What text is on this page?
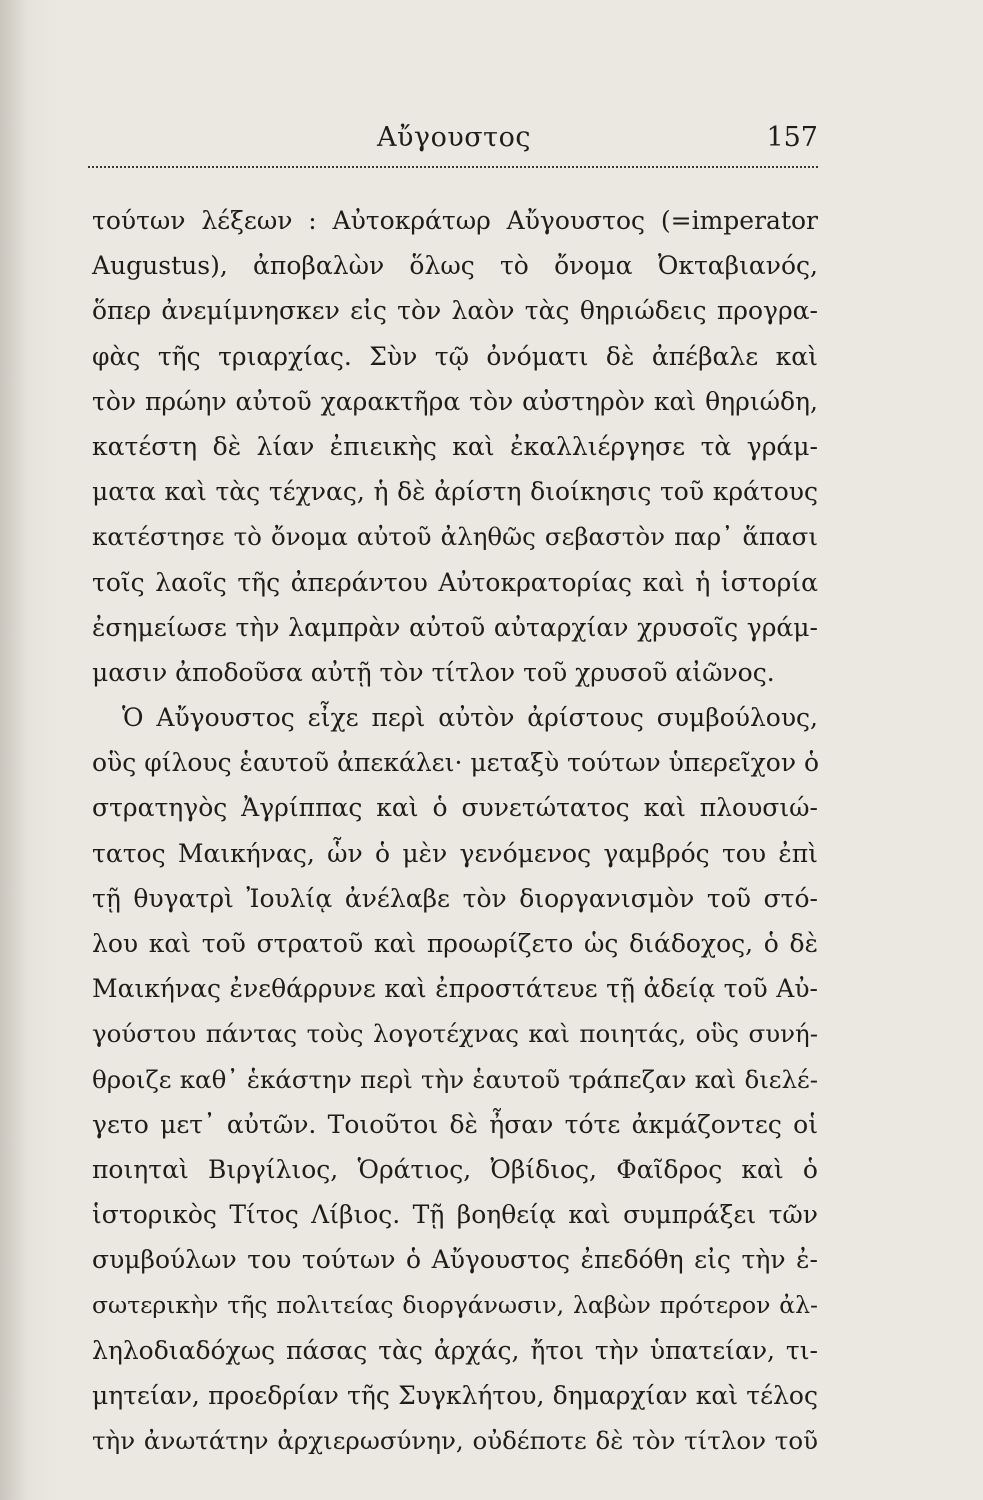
Αὔγουστος	157
τούτων λέξεων : Αὐτοκράτωρ Αὔγουστος (=imperator
Augustus), ἀποβαλὼν ὅλως τὸ ὄνομα Ὀκταβιανός,
ὅπερ ἀνεμίμνησκεν εἰς τὸν λαὸν τὰς θηριώδεις προγρα-
φὰς τῆς τριαρχίας. Σὺν τῷ ὀνόματι δὲ ἀπέβαλε καὶ
τὸν πρώην αὐτοῦ χαρακτῆρα τὸν αὐστηρὸν καὶ θηριώδη,
κατέστη δὲ λίαν ἐπιεικὴς καὶ ἐκαλλιέργησε τὰ γράμ-
ματα καὶ τὰς τέχνας, ἡ δὲ ἀρίστη διοίκησις τοῦ κράτους
κατέστησε τὸ ὄνομα αὐτοῦ ἀληθῶς σεβαστὸν παρ᾽ ἅπασι
τοῖς λαοῖς τῆς ἀπεράντου Αὐτοκρατορίας καὶ ἡ ἱστορία
ἐσημείωσε τὴν λαμπρὰν αὐτοῦ αὐταρχίαν χρυσοῖς γράμ-
μασιν ἀποδοῦσα αὐτῇ τὸν τίτλον τοῦ χρυσοῦ αἰῶνος.
Ὁ Αὔγουστος εἶχε περὶ αὐτὸν ἀρίστους συμβούλους,
οὓς φίλους ἑαυτοῦ ἀπεκάλει· μεταξὺ τούτων ὑπερεῖχον ὁ
στρατηγὸς Ἀγρίππας καὶ ὁ συνετώτατος καὶ πλουσιώ-
τατος Μαικήνας, ὧν ὁ μὲν γενόμενος γαμβρός του ἐπὶ
τῇ θυγατρὶ Ἰουλίᾳ ἀνέλαβε τὸν διοργανισμὸν τοῦ στό-
λου καὶ τοῦ στρατοῦ καὶ προωρίζετο ὡς διάδοχος, ὁ δὲ
Μαικήνας ἐνεθάρρυνε καὶ ἐπροστάτευε τῇ ἀδείᾳ τοῦ Αὐ-
γούστου πάντας τοὺς λογοτέχνας καὶ ποιητάς, οὓς συνή-
θροιζε καθ᾽ ἑκάστην περὶ τὴν ἑαυτοῦ τράπεζαν καὶ διελέ-
γετο μετ᾽ αὐτῶν. Τοιοῦτοι δὲ ἦσαν τότε ἀκμάζοντες οἱ
ποιηταὶ Βιργίλιος, Ὁράτιος, Ὀβίδιος, Φαῖδρος καὶ ὁ
ἱστορικὸς Τίτος Λίβιος. Τῇ βοηθείᾳ καὶ συμπράξει τῶν
συμβούλων του τούτων ὁ Αὔγουστος ἐπεδόθη εἰς τὴν ἐ-
σωτερικὴν τῆς πολιτείας διοργάνωσιν, λαβὼν πρότερον ἀλ-
ληλοδιαδόχως πάσας τὰς ἀρχάς, ἤτοι τὴν ὑπατείαν, τι-
μητείαν, προεδρίαν τῆς Συγκλήτου, δημαρχίαν καὶ τέλος
τὴν ἀνωτάτην ἀρχιερωσύνην, οὐδέποτε δὲ τὸν τίτλον τοῦ
